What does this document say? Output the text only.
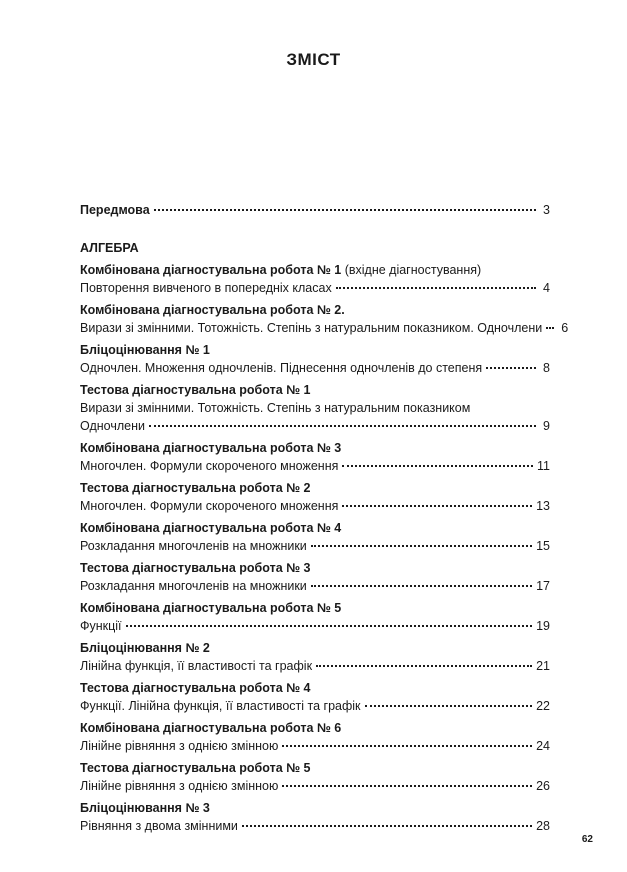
ЗМІСТ
Передмова	3
АЛГЕБРА
Комбінована діагностувальна робота № 1 (вхідне діагностування)
Повторення вивченого в попередніх класах	4
Комбінована діагностувальна робота № 2.
Вирази зі змінними. Тотожність. Степінь з натуральним показником. Одночлени 6
Бліцоцінювання № 1
Одночлен. Множення одночленів. Піднесення одночленів до степеня	8
Тестова діагностувальна робота № 1
Вирази зі змінними. Тотожність. Степінь з натуральним показником
Одночлени	9
Комбінована діагностувальна робота № 3
Многочлен. Формули скороченого множення	11
Тестова діагностувальна робота № 2
Многочлен. Формули скороченого множення	13
Комбінована діагностувальна робота № 4
Розкладання многочленів на множники	15
Тестова діагностувальна робота № 3
Розкладання многочленів на множники	17
Комбінована діагностувальна робота № 5
Функції	19
Бліцоцінювання № 2
Лінійна функція, її властивості та графік	21
Тестова діагностувальна робота № 4
Функції. Лінійна функція, її властивості та графік	22
Комбінована діагностувальна робота № 6
Лінійне рівняння з однією змінною	24
Тестова діагностувальна робота № 5
Лінійне рівняння з однією змінною	26
Бліцоцінювання № 3
Рівняння з двома змінними	28
62
